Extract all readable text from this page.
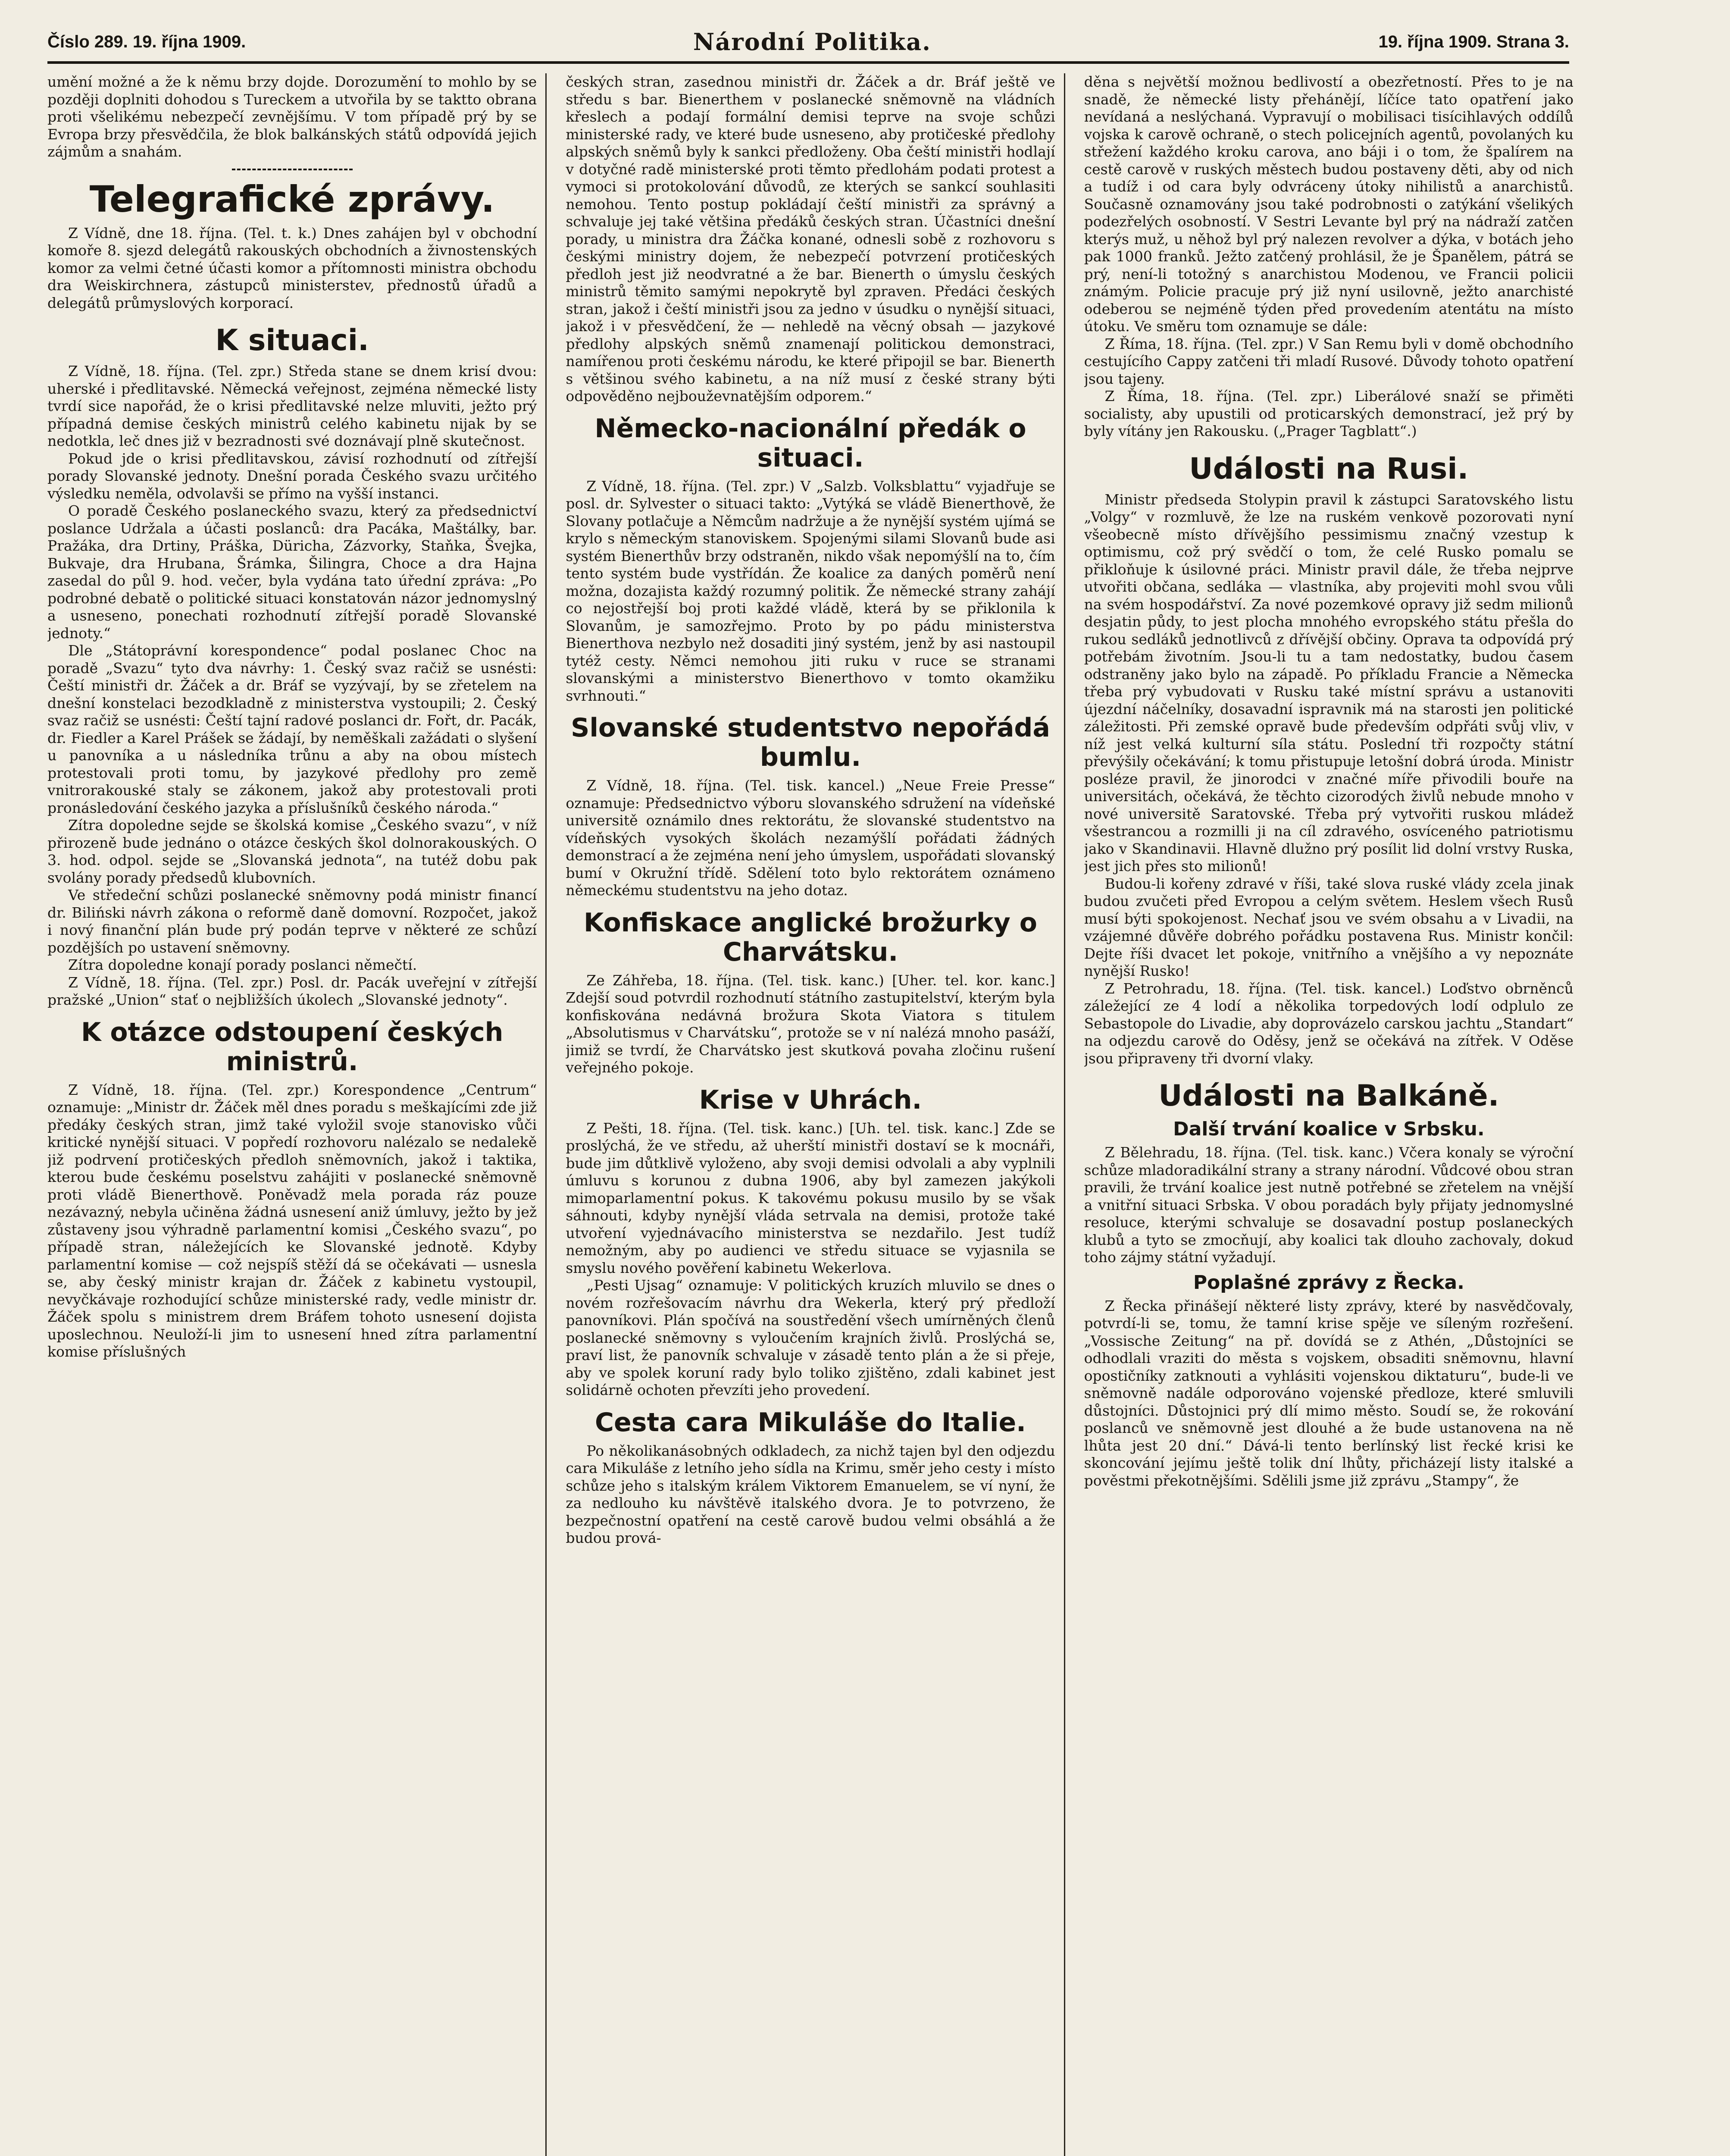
Číslo 289. 19. října 1909.	Národní Politika.	19. října 1909. Strana 3.

umění možné a že k němu brzy dojde. Dorozumění to mohlo by se později doplniti dohodou s Tureckem a utvořila by se taktto obrana proti všelikému nebezpečí zevnějšímu. V tom případě prý by se Evropa brzy přesvědčila, že blok balkánských států odpovídá jejich zájmům a snahám.

Telegrafické zprávy.

Z Vídně, dne 18. října. (Tel. t. k.) Dnes zahájen byl v obchodní komoře 8. sjezd delegátů rakouských obchodních a živnostenských komor za velmi četné účasti komor a přítomnosti ministra obchodu dra Weiskirchnera, zástupců ministerstev, přednostů úřadů a delegátů průmyslových korporací.

K situaci.

Z Vídně, 18. října. (Tel. zpr.) Středa stane se dnem krisí dvou: uherské i předlitavské. Německá veřejnost, zejména německé listy tvrdí sice napořád, že o krisi předlitavské nelze mluviti, ježto prý případná demise českých ministrů celého kabinetu nijak by se nedotkla, leč dnes již v bezradnosti své doznávají plně skutečnost.

Pokud jde o krisi předlitavskou, závisí rozhodnutí od zítřejší porady Slovanské jednoty. Dnešní porada Českého svazu určitého výsledku neměla, odvolavši se přímo na vyšší instanci.

O poradě Českého poslaneckého svazu, který za předsednictví poslance Udržala a účasti poslanců: dra Pacáka, Maštálky, bar. Pražáka, dra Drtiny, Práška, Düricha, Zázvorky, Staňka, Švejka, Bukvaje, dra Hrubana, Šrámka, Šilingra, Choce a dra Hajna zasedal do půl 9. hod. večer, byla vydána tato úřední zpráva: „Po podrobné debatě o politické situaci konstatován názor jednomyslný a usneseno, ponechati rozhodnutí zítřejší poradě Slovanské jednoty.“

Dle „Státoprávní korespondence“ podal poslanec Choc na poradě „Svazu“ tyto dva návrhy: 1. Český svaz račiž se usnésti: Čeští ministři dr. Žáček a dr. Bráf se vyzývají, by se zřetelem na dnešní konstelaci bezodkladně z ministerstva vystoupili; 2. Český svaz račiž se usnésti: Čeští tajní radové poslanci dr. Fořt, dr. Pacák, dr. Fiedler a Karel Prášek se žádají, by neměškali zažádati o slyšení u panovníka a u následníka trůnu a aby na obou místech protestovali proti tomu, by jazykové předlohy pro země vnitrorakouské staly se zákonem, jakož aby protestovali proti pronásledování českého jazyka a příslušníků českého národa.“

Zítra dopoledne sejde se školská komise „Českého svazu“, v níž přirozeně bude jednáno o otázce českých škol dolnorakouských. O 3. hod. odpol. sejde se „Slovanská jednota“, na tutéž dobu pak svolány porady předsedů klubovních.

Ve středeční schůzi poslanecké sněmovny podá ministr financí dr. Biliński návrh zákona o reformě daně domovní. Rozpočet, jakož i nový finanční plán bude prý podán teprve v některé ze schůzí pozdějších po ustavení sněmovny.

Zítra dopoledne konají porady poslanci němečtí.

Z Vídně, 18. října. (Tel. zpr.) Posl. dr. Pacák uveřejní v zítřejší pražské „Union“ stať o nejbližších úkolech „Slovanské jednoty“.

K otázce odstoupení českých ministrů.

Z Vídně, 18. října. (Tel. zpr.) Korespondence „Centrum“ oznamuje: „Ministr dr. Žáček měl dnes poradu s meškajícími zde již předáky českých stran, jimž také vyložil svoje stanovisko vůči kritické nynější situaci. V popředí rozhovoru nalézalo se nedalekě již podrvení protičeských předloh sněmovních, jakož i taktika, kterou bude českému poselstvu zahájiti v poslanecké sněmovně proti vládě Bienerthově. Poněvadž mela porada ráz pouze nezávazný, nebyla učiněna žádná usnesení aniž úmluvy, ježto by jež zůstaveny jsou výhradně parlamentní komisi „Českého svazu“, po případě stran, náležejících ke Slovanské jednotě. Kdyby parlamentní komise — což nejspíš stěží dá se očekávati — usnesla se, aby český ministr krajan dr. Žáček z kabinetu vystoupil, nevyčkávaje rozhodující schůze ministerské rady, vedle ministr dr. Žáček spolu s ministrem drem Bráfem tohoto usnesení dojista uposlechnou. Neuloží-li jim to usnesení hned zítra parlamentní komise příslušných

českých stran, zasednou ministři dr. Žáček a dr. Bráf ještě ve středu s bar. Bienerthem v poslanecké sněmovně na vládních křeslech a podají formální demisi teprve na svoje schůzi ministerské rady, ve které bude usneseno, aby protičeské předlohy alpských sněmů byly k sankci předloženy. Oba čeští ministři hodlají v dotyčné radě ministerské proti těmto předlohám podati protest a vymoci si protokolování důvodů, ze kterých se sankcí souhlasiti nemohou. Tento postup pokládají čeští ministři za správný a schvaluje jej také většina předáků českých stran. Účastníci dnešní porady, u ministra dra Žáčka konané, odnesli sobě z rozhovoru s českými ministry dojem, že nebezpečí potvrzení protičeských předloh jest již neodvratné a že bar. Bienerth o úmyslu českých ministrů těmito samými nepokrytě byl zpraven. Předáci českých stran, jakož i čeští ministři jsou za jedno v úsudku o nynější situaci, jakož i v přesvědčení, že — nehledě na věcný obsah — jazykové předlohy alpských sněmů znamenají politickou demonstraci, namířenou proti českému národu, ke které připojil se bar. Bienerth s většinou svého kabinetu, a na níž musí z české strany býti odpověděno nejbouževnatějším odporem.“

Německo-nacionální předák o situaci.

Z Vídně, 18. října. (Tel. zpr.) V „Salzb. Volksblattu“ vyjadřuje se posl. dr. Sylvester o situaci takto: „Vytýká se vládě Bienerthově, že Slovany potlačuje a Němcům nadržuje a že nynější systém ujímá se krylo s německým stanoviskem. Spojenými silami Slovanů bude asi systém Bienerthův brzy odstraněn, nikdo však nepomýšlí na to, čím tento systém bude vystřídán. Že koalice za daných poměrů není možna, dozajista každý rozumný politik. Že německé strany zahájí co nejostřejší boj proti každé vládě, která by se přiklonila k Slovanům, je samozřejmo. Proto by po pádu ministerstva Bienerthova nezbylo než dosaditi jiný systém, jenž by asi nastoupil tytéž cesty. Němci nemohou jiti ruku v ruce se stranami slovanskými a ministerstvo Bienerthovo v tomto okamžiku svrhnouti.“

Slovanské studentstvo nepořádá bumlu.

Z Vídně, 18. října. (Tel. tisk. kancel.) „Neue Freie Presse“ oznamuje: Předsednictvo výboru slovanského sdružení na vídeňské universitě oznámilo dnes rektorátu, že slovanské studentstvo na vídeňských vysokých školách nezamýšlí pořádati žádných demonstrací a že zejména není jeho úmyslem, uspořádati slovanský bumí v Okružní třídě. Sdělení toto bylo rektorátem oznámeno německému studentstvu na jeho dotaz.

Konfiskace anglické brožurky o Charvátsku.

Ze Záhřeba, 18. října. (Tel. tisk. kanc.) [Uher. tel. kor. kanc.] Zdejší soud potvrdil rozhodnutí státního zastupitelství, kterým byla konfiskována nedávná brožura Skota Viatora s titulem „Absolutismus v Charvátsku“, protože se v ní nalézá mnoho pasáží, jimiž se tvrdí, že Charvátsko jest skutková povaha zločinu rušení veřejného pokoje.

Krise v Uhrách.

Z Pešti, 18. října. (Tel. tisk. kanc.) [Uh. tel. tisk. kanc.] Zde se proslýchá, že ve středu, až uherští ministři dostaví se k mocnáři, bude jim důtklivě vyloženo, aby svoji demisi odvolali a aby vyplnili úmluvu s korunou z dubna 1906, aby byl zamezen jakýkoli mimoparlamentní pokus. K takovému pokusu musilo by se však sáhnouti, kdyby nynější vláda setrvala na demisi, protože také utvoření vyjednávacího ministerstva se nezdařilo. Jest tudíž nemožným, aby po audienci ve středu situace se vyjasnila se smyslu nového pověření kabinetu Wekerlova.

„Pesti Ujsag“ oznamuje: V politických kruzích mluvilo se dnes o novém rozřešovacím návrhu dra Wekerla, který prý předloží panovníkovi. Plán spočívá na soustředění všech umírněných členů poslanecké sněmovny s vyloučením krajních živlů. Proslýchá se, praví list, že panovník schvaluje v zásadě tento plán a že si přeje, aby ve spolek koruní rady bylo toliko zjištěno, zdali kabinet jest solidárně ochoten převzíti jeho provedení.

Cesta cara Mikuláše do Italie.

Po několikanásobných odkladech, za nichž tajen byl den odjezdu cara Mikuláše z letního jeho sídla na Krimu, směr jeho cesty i místo schůze jeho s italským králem Viktorem Emanuelem, se ví nyní, že za nedlouho ku návštěvě italského dvora. Je to potvrzeno, že bezpečnostní opatření na cestě carově budou velmi obsáhlá a že budou prová-

děna s největší možnou bedlivostí a obezřetností. Přes to je na snadě, že německé listy přehánějí, líčíce tato opatření jako nevídaná a neslýchaná. Vypravují o mobilisaci tisícihlavých oddílů vojska k carově ochraně, o stech policejních agentů, povolaných ku střežení každého kroku carova, ano báji i o tom, že špalírem na cestě carově v ruských městech budou postaveny děti, aby od nich a tudíž i od cara byly odvráceny útoky nihilistů a anarchistů. Současně oznamovány jsou také podrobnosti o zatýkání všelikých podezřelých osobností. V Sestri Levante byl prý na nádraží zatčen kterýs muž, u něhož byl prý nalezen revolver a dýka, v botách jeho pak 1000 franků. Ježto zatčený prohlásil, že je Španělem, pátrá se prý, není-li totožný s anarchistou Modenou, ve Francii policii známým. Policie pracuje prý již nyní usilovně, ježto anarchisté odeberou se nejméně týden před provedením atentátu na místo útoku. Ve směru tom oznamuje se dále:

Z Říma, 18. října. (Tel. zpr.) V San Remu byli v domě obchodního cestujícího Cappy zatčeni tři mladí Rusové. Důvody tohoto opatření jsou tajeny.

Z Říma, 18. října. (Tel. zpr.) Liberálové snaží se přiměti socialisty, aby upustili od proticarských demonstrací, jež prý by byly vítány jen Rakousku. („Prager Tagblatt“.)

Události na Rusi.

Ministr předseda Stolypin pravil k zástupci Saratovského listu „Volgy“ v rozmluvě, že lze na ruském venkově pozorovati nyní všeobecně místo dřívějšího pessimismu značný vzestup k optimismu, což prý svědčí o tom, že celé Rusko pomalu se přikloňuje k úsilovné práci. Ministr pravil dále, že třeba nejprve utvořiti občana, sedláka — vlastníka, aby projeviti mohl svou vůli na svém hospodářství. Za nové pozemkové opravy již sedm milionů desjatin půdy, to jest plocha mnohého evropského státu přešla do rukou sedláků jednotlivců z dřívější občiny. Oprava ta odpovídá prý potřebám životním. Jsou-li tu a tam nedostatky, budou časem odstraněny jako bylo na západě. Po příkladu Francie a Německa třeba prý vybudovati v Rusku také místní správu a ustanoviti újezdní náčelníky, dosavadní ispravnik má na starosti jen politické záležitosti. Při zemské opravě bude především odpřáti svůj vliv, v níž jest velká kulturní síla státu. Poslední tři rozpočty státní převýšily očekávání; k tomu přistupuje letošní dobrá úroda. Ministr posléze pravil, že jinorodci v značné míře přivodili bouře na universitách, očekává, že těchto cizorodých živlů nebude mnoho v nové universitě Saratovské. Třeba prý vytvořiti ruskou mládež všestrancou a rozmilli ji na cíl zdravého, osvíceného patriotismu jako v Skandinavii. Hlavně dlužno prý posílit lid dolní vrstvy Ruska, jest jich přes sto milionů!

Budou-li kořeny zdravé v říši, také slova ruské vlády zcela jinak budou zvučeti před Evropou a celým světem. Heslem všech Rusů musí býti spokojenost. Nechať jsou ve svém obsahu a v Livadii, na vzájemné důvěře dobrého pořádku postavena Rus. Ministr končil: Dejte říši dvacet let pokoje, vnitřního a vnějšího a vy nepoznáte nynější Rusko!

Z Petrohradu, 18. října. (Tel. tisk. kancel.) Loďstvo obrněnců záležející ze 4 lodí a několika torpedových lodí odplulo ze Sebastopole do Livadie, aby doprovázelo carskou jachtu „Standart“ na odjezdu carově do Oděsy, jenž se očekává na zítřek. V Oděse jsou připraveny tři dvorní vlaky.

Události na Balkáně.
Další trvání koalice v Srbsku.

Z Bělehradu, 18. října. (Tel. tisk. kanc.) Včera konaly se výroční schůze mladoradikální strany a strany národní. Vůdcové obou stran pravili, že trvání koalice jest nutně potřebné se zřetelem na vnější a vnitřní situaci Srbska. V obou poradách byly přijaty jednomyslné resoluce, kterými schvaluje se dosavadní postup poslaneckých klubů a tyto se zmocňují, aby koalici tak dlouho zachovaly, dokud toho zájmy státní vyžadují.

Poplašné zprávy z Řecka.

Z Řecka přinášejí některé listy zprávy, které by nasvědčovaly, potvrdí-li se, tomu, že tamní krise spěje ve síleným rozřešení. „Vossische Zeitung“ na př. dovídá se z Athén, „Důstojníci se odhodlali vraziti do města s vojskem, obsaditi sněmovnu, hlavní opostičníky zatknouti a vyhlásiti vojenskou diktaturu“, bude-li ve sněmovně nadále odporováno vojenské předloze, které smluvili důstojníci. Důstojnici prý dlí mimo město. Soudí se, že rokování poslanců ve sněmovně jest dlouhé a že bude ustanovena na ně lhůta jest 20 dní.“ Dává-li tento berlínský list řecké krisi ke skoncování jejímu ještě tolik dní lhůty, přicházejí listy italské a pověstmi překotnějšími. Sdělili jsme již zprávu „Stampy“, že
